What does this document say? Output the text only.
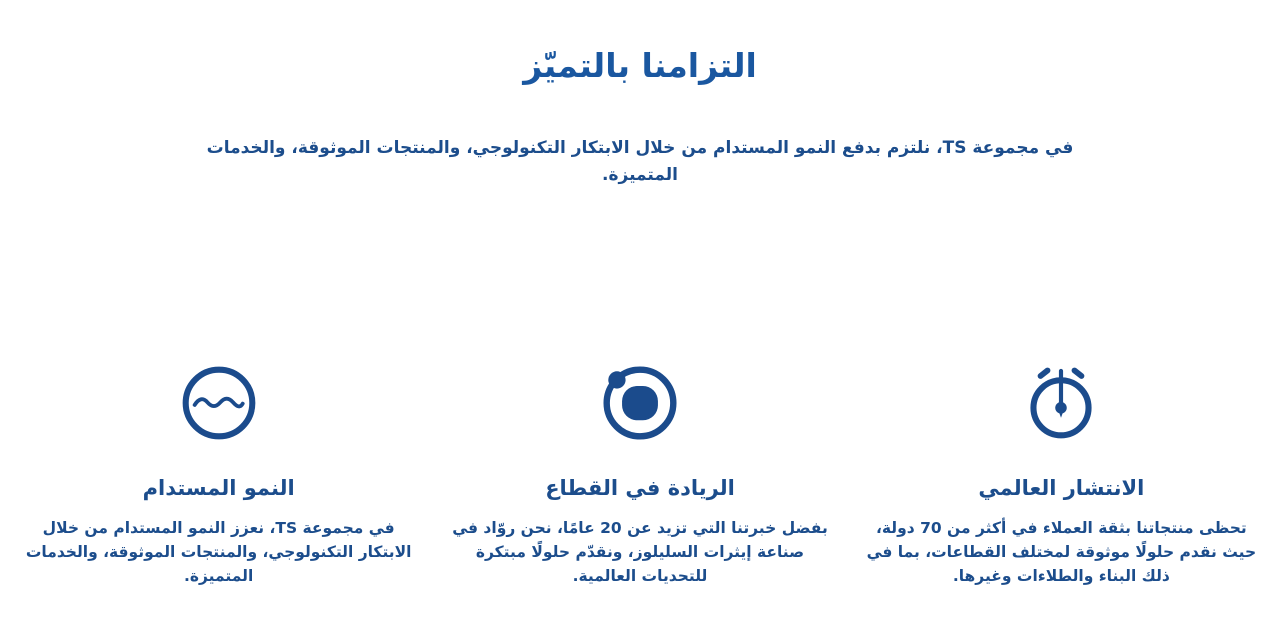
التزامنا بالتميّز

في مجموعة TS، نلتزم بدفع النمو المستدام من خلال الابتكار التكنولوجي، والمنتجات الموثوقة، والخدمات المتميزة.

الانتشار العالمي

تحظى منتجاتنا بثقة العملاء في أكثر من 70 دولة، حيث نقدم حلولًا موثوقة لمختلف القطاعات، بما في ذلك البناء والطلاءات وغيرها.

الريادة في القطاع

بفضل خبرتنا التي تزيد عن 20 عامًا، نحن روّاد في صناعة إيثرات السليلوز، ونقدّم حلولًا مبتكرة للتحديات العالمية.

النمو المستدام

في مجموعة TS، نعزز النمو المستدام من خلال الابتكار التكنولوجي، والمنتجات الموثوقة، والخدمات المتميزة.
